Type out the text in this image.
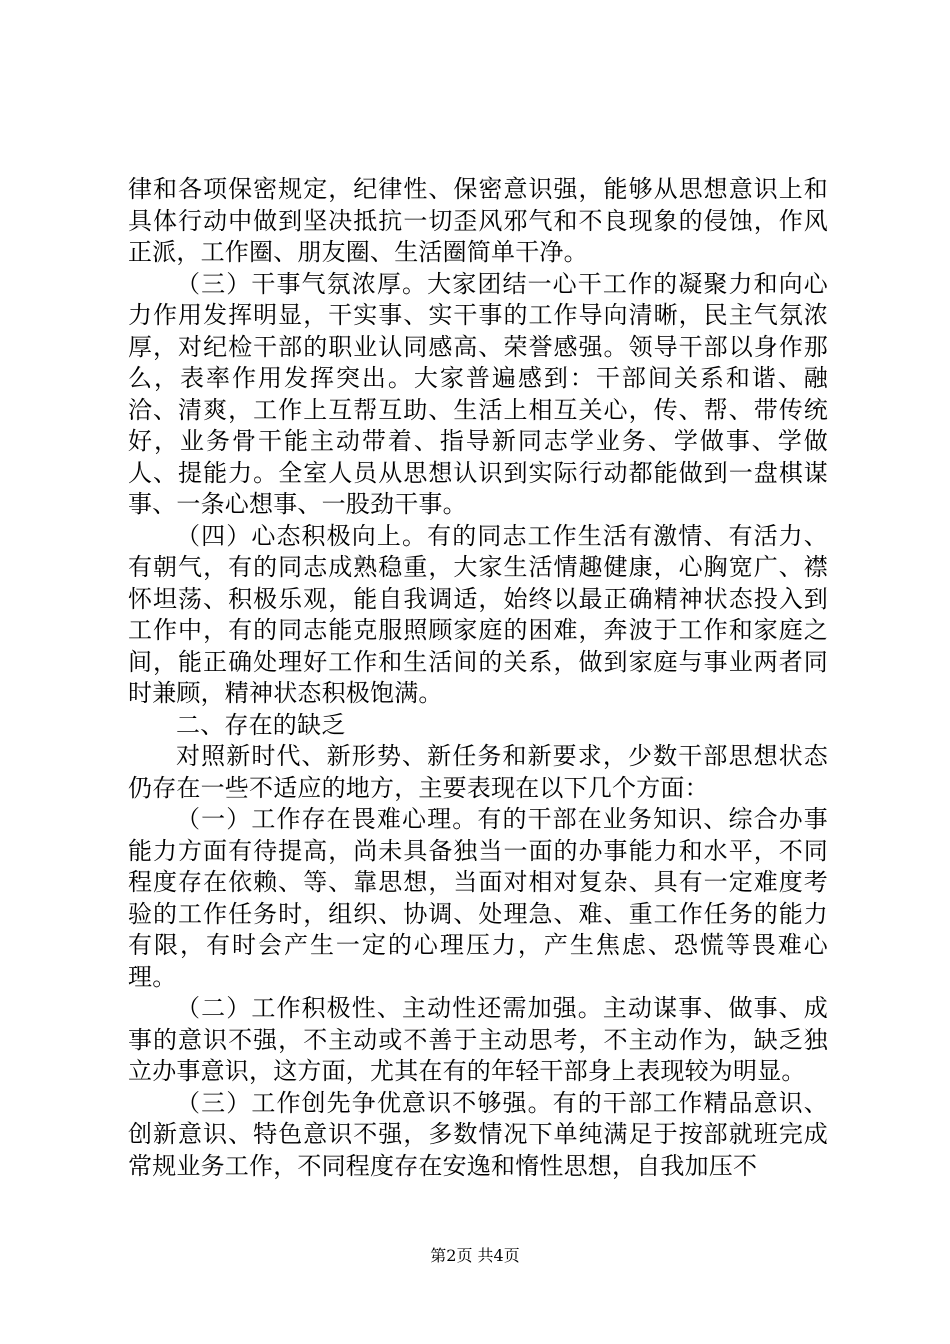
律和各项保密规定，纪律性、保密意识强，能够从思想意识上和具体行动中做到坚决抵抗一切歪风邪气和不良现象的侵蚀，作风正派，工作圈、朋友圈、生活圈简单干净。

（三）干事气氛浓厚。大家团结一心干工作的凝聚力和向心力作用发挥明显，干实事、实干事的工作导向清晰，民主气氛浓厚，对纪检干部的职业认同感高、荣誉感强。领导干部以身作那么，表率作用发挥突出。大家普遍感到：干部间关系和谐、融洽、清爽，工作上互帮互助、生活上相互关心，传、帮、带传统好，业务骨干能主动带着、指导新同志学业务、学做事、学做人、提能力。全室人员从思想认识到实际行动都能做到一盘棋谋事、一条心想事、一股劲干事。

（四）心态积极向上。有的同志工作生活有激情、有活力、有朝气，有的同志成熟稳重，大家生活情趣健康，心胸宽广、襟怀坦荡、积极乐观，能自我调适，始终以最正确精神状态投入到工作中，有的同志能克服照顾家庭的困难，奔波于工作和家庭之间，能正确处理好工作和生活间的关系，做到家庭与事业两者同时兼顾，精神状态积极饱满。

二、存在的缺乏

对照新时代、新形势、新任务和新要求，少数干部思想状态仍存在一些不适应的地方，主要表现在以下几个方面：

（一）工作存在畏难心理。有的干部在业务知识、综合办事能力方面有待提高，尚未具备独当一面的办事能力和水平，不同程度存在依赖、等、靠思想，当面对相对复杂、具有一定难度考验的工作任务时，组织、协调、处理急、难、重工作任务的能力有限，有时会产生一定的心理压力，产生焦虑、恐慌等畏难心理。

（二）工作积极性、主动性还需加强。主动谋事、做事、成事的意识不强，不主动或不善于主动思考，不主动作为，缺乏独立办事意识，这方面，尤其在有的年轻干部身上表现较为明显。

（三）工作创先争优意识不够强。有的干部工作精品意识、创新意识、特色意识不强，多数情况下单纯满足于按部就班完成常规业务工作，不同程度存在安逸和惰性思想，自我加压不

第2页 共4页
